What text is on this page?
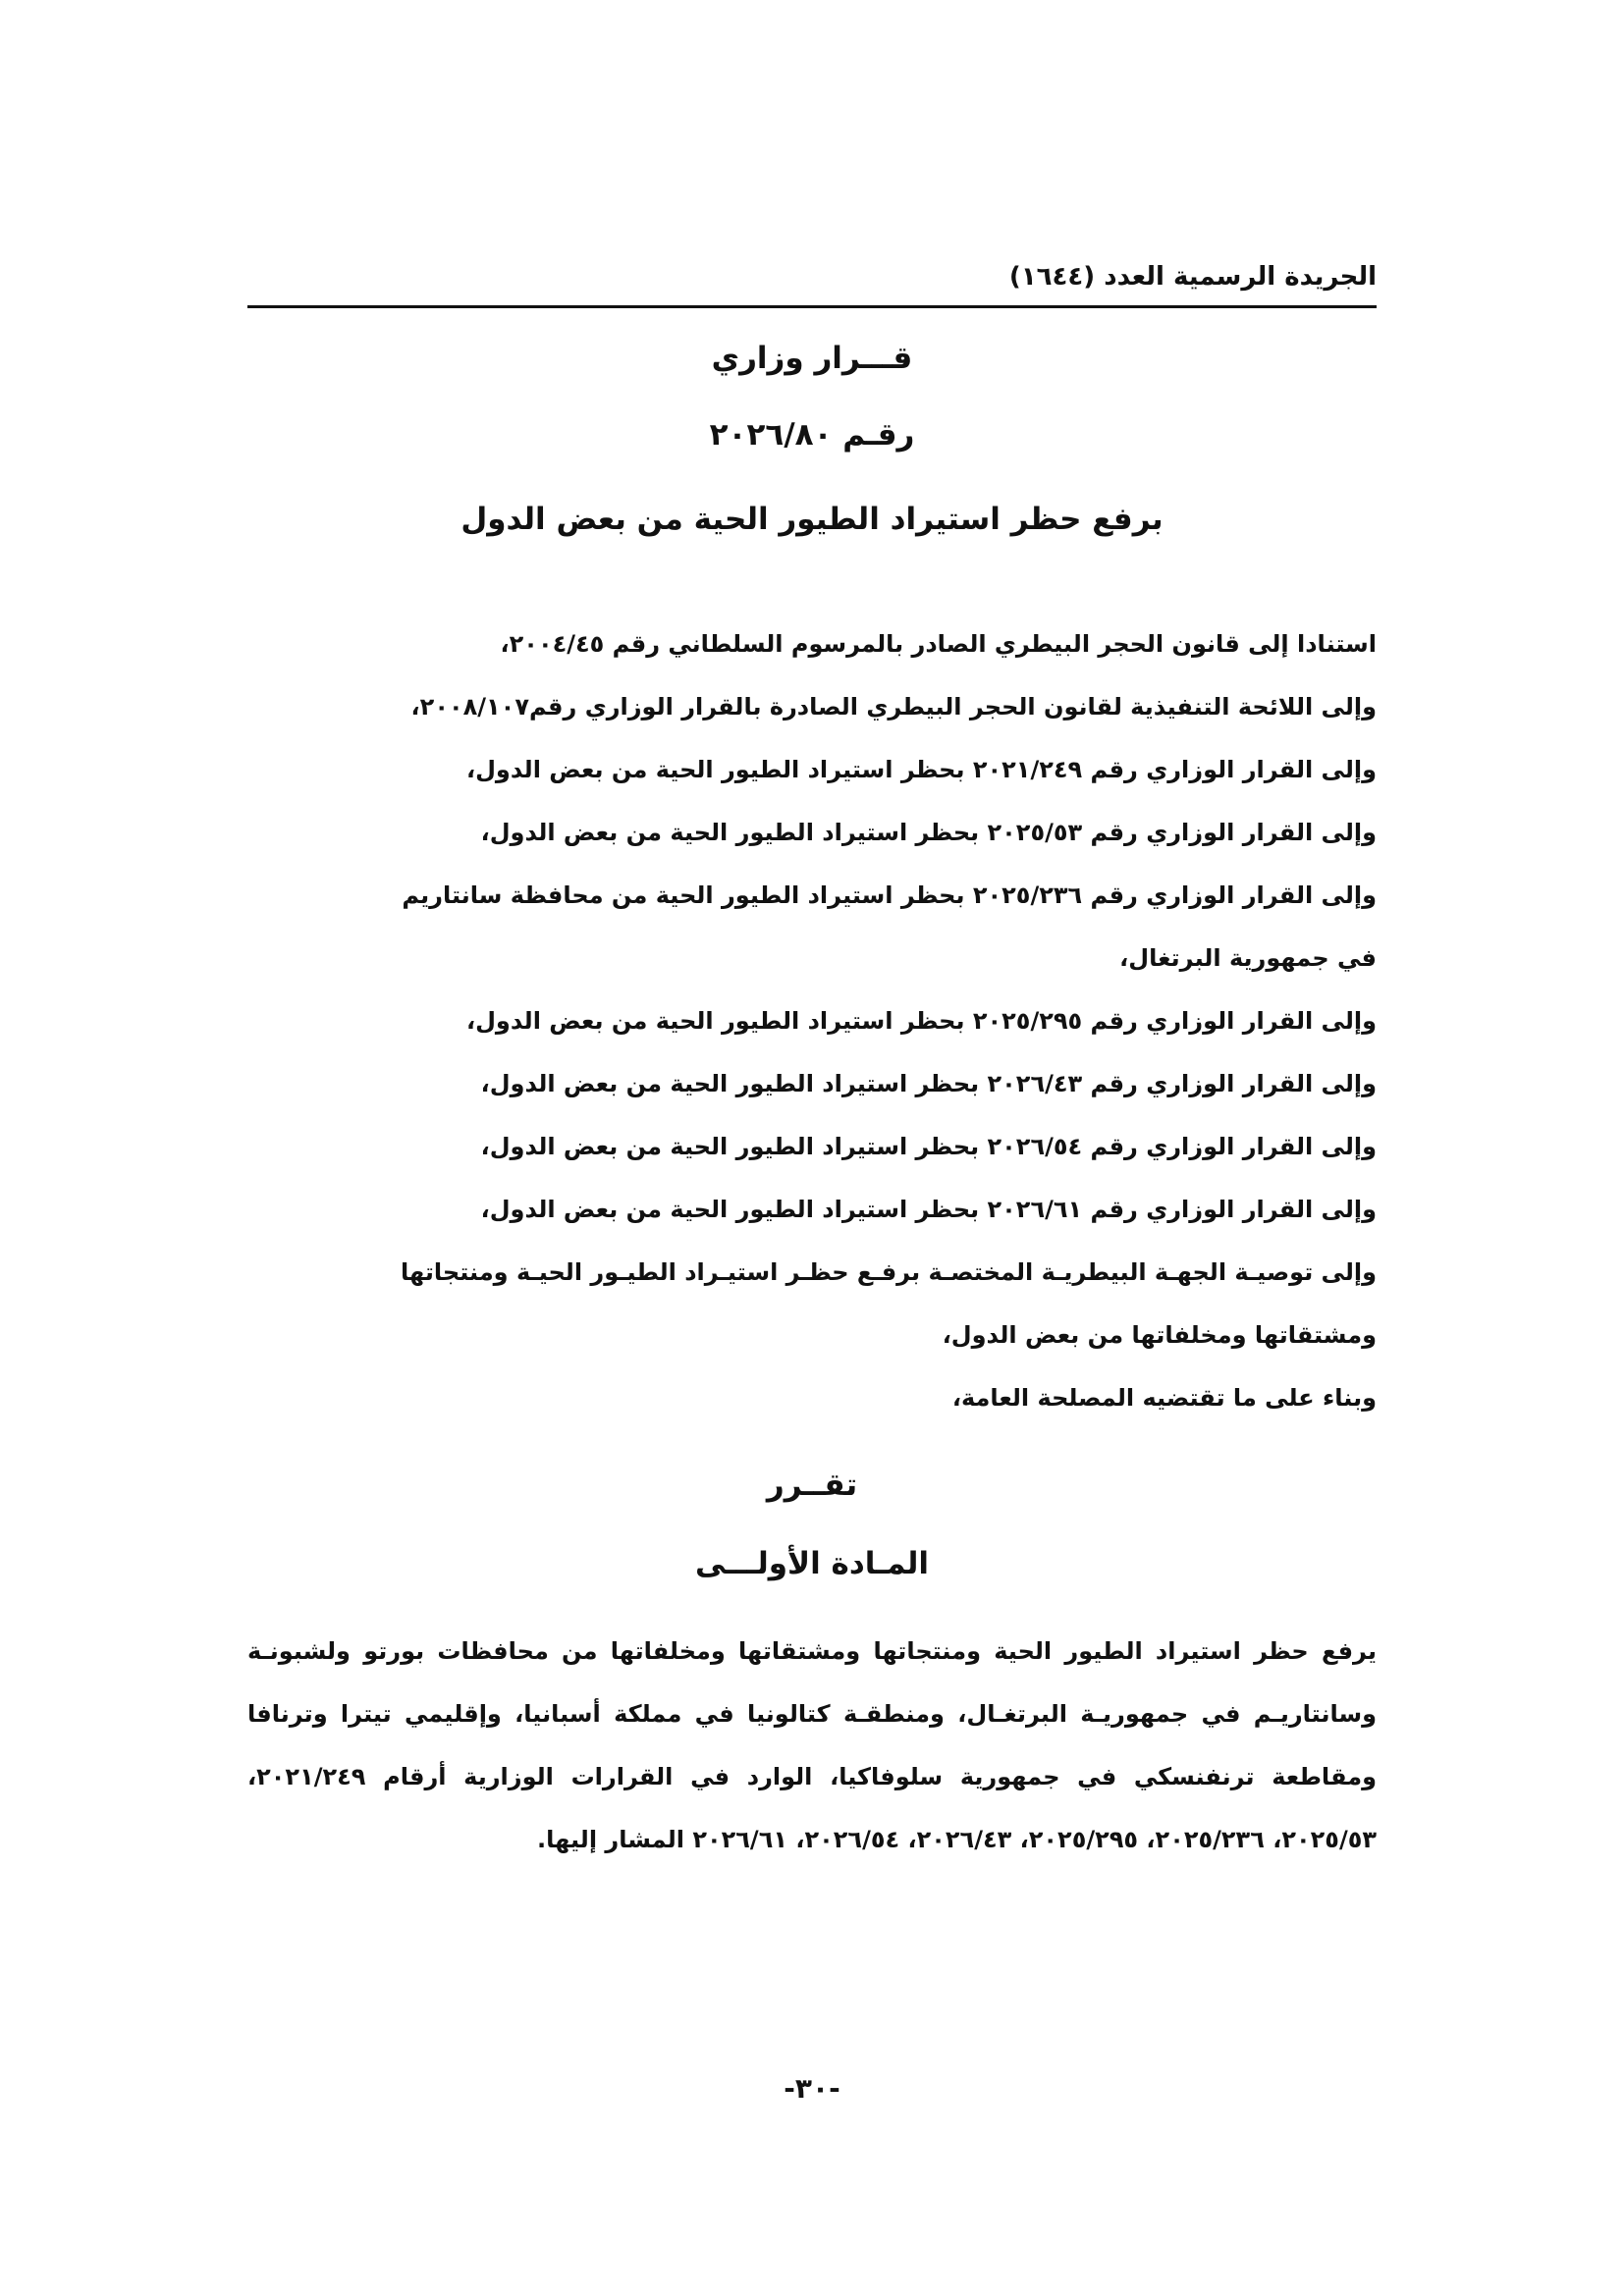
الجريدة الرسمية العدد (١٦٤٤)
قـــرار وزاري
رقـم ٢٠٢٦/٨٠
برفع حظر استيراد الطيور الحية من بعض الدول
استنادا إلى قانون الحجر البيطري الصادر بالمرسوم السلطاني رقم ٢٠٠٤/٤٥،
وإلى اللائحة التنفيذية لقانون الحجر البيطري الصادرة بالقرار الوزاري رقم٢٠٠٨/١٠٧،
وإلى القرار الوزاري رقم ٢٠٢١/٢٤٩ بحظر استيراد الطيور الحية من بعض الدول،
وإلى القرار الوزاري رقم ٢٠٢٥/٥٣ بحظر استيراد الطيور الحية من بعض الدول،
وإلى القرار الوزاري رقم ٢٠٢٥/٢٣٦ بحظر استيراد الطيور الحية من محافظة سانتاريم
في جمهورية البرتغال،
وإلى القرار الوزاري رقم ٢٠٢٥/٢٩٥ بحظر استيراد الطيور الحية من بعض الدول،
وإلى القرار الوزاري رقم ٢٠٢٦/٤٣ بحظر استيراد الطيور الحية من بعض الدول،
وإلى القرار الوزاري رقم ٢٠٢٦/٥٤ بحظر استيراد الطيور الحية من بعض الدول،
وإلى القرار الوزاري رقم ٢٠٢٦/٦١ بحظر استيراد الطيور الحية من بعض الدول،
وإلى توصيـة الجهـة البيطريـة المختصـة برفـع حظـر استيـراد الطيـور الحيـة ومنتجاتها
ومشتقاتها ومخلفاتها من بعض الدول،
وبناء على ما تقتضيه المصلحة العامة،
تقــرر
المـادة الأولـــى
يرفع حظر استيراد الطيور الحية ومنتجاتها ومشتقاتها ومخلفاتها من محافظات بورتو ولشبونـة وسانتاريـم في جمهوريـة البرتغـال، ومنطقـة كتالونيا في مملكة أسبانيا، وإقليمي تيترا وترنافا ومقاطعة ترنفنسكي في جمهورية سلوفاكيا، الوارد في القرارات الوزارية أرقام ٢٠٢١/٢٤٩، ٢٠٢٥/٥٣، ٢٠٢٥/٢٣٦، ٢٠٢٥/٢٩٥، ٢٠٢٦/٤٣، ٢٠٢٦/٥٤، ٢٠٢٦/٦١ المشار إليها.
-٣٠-
